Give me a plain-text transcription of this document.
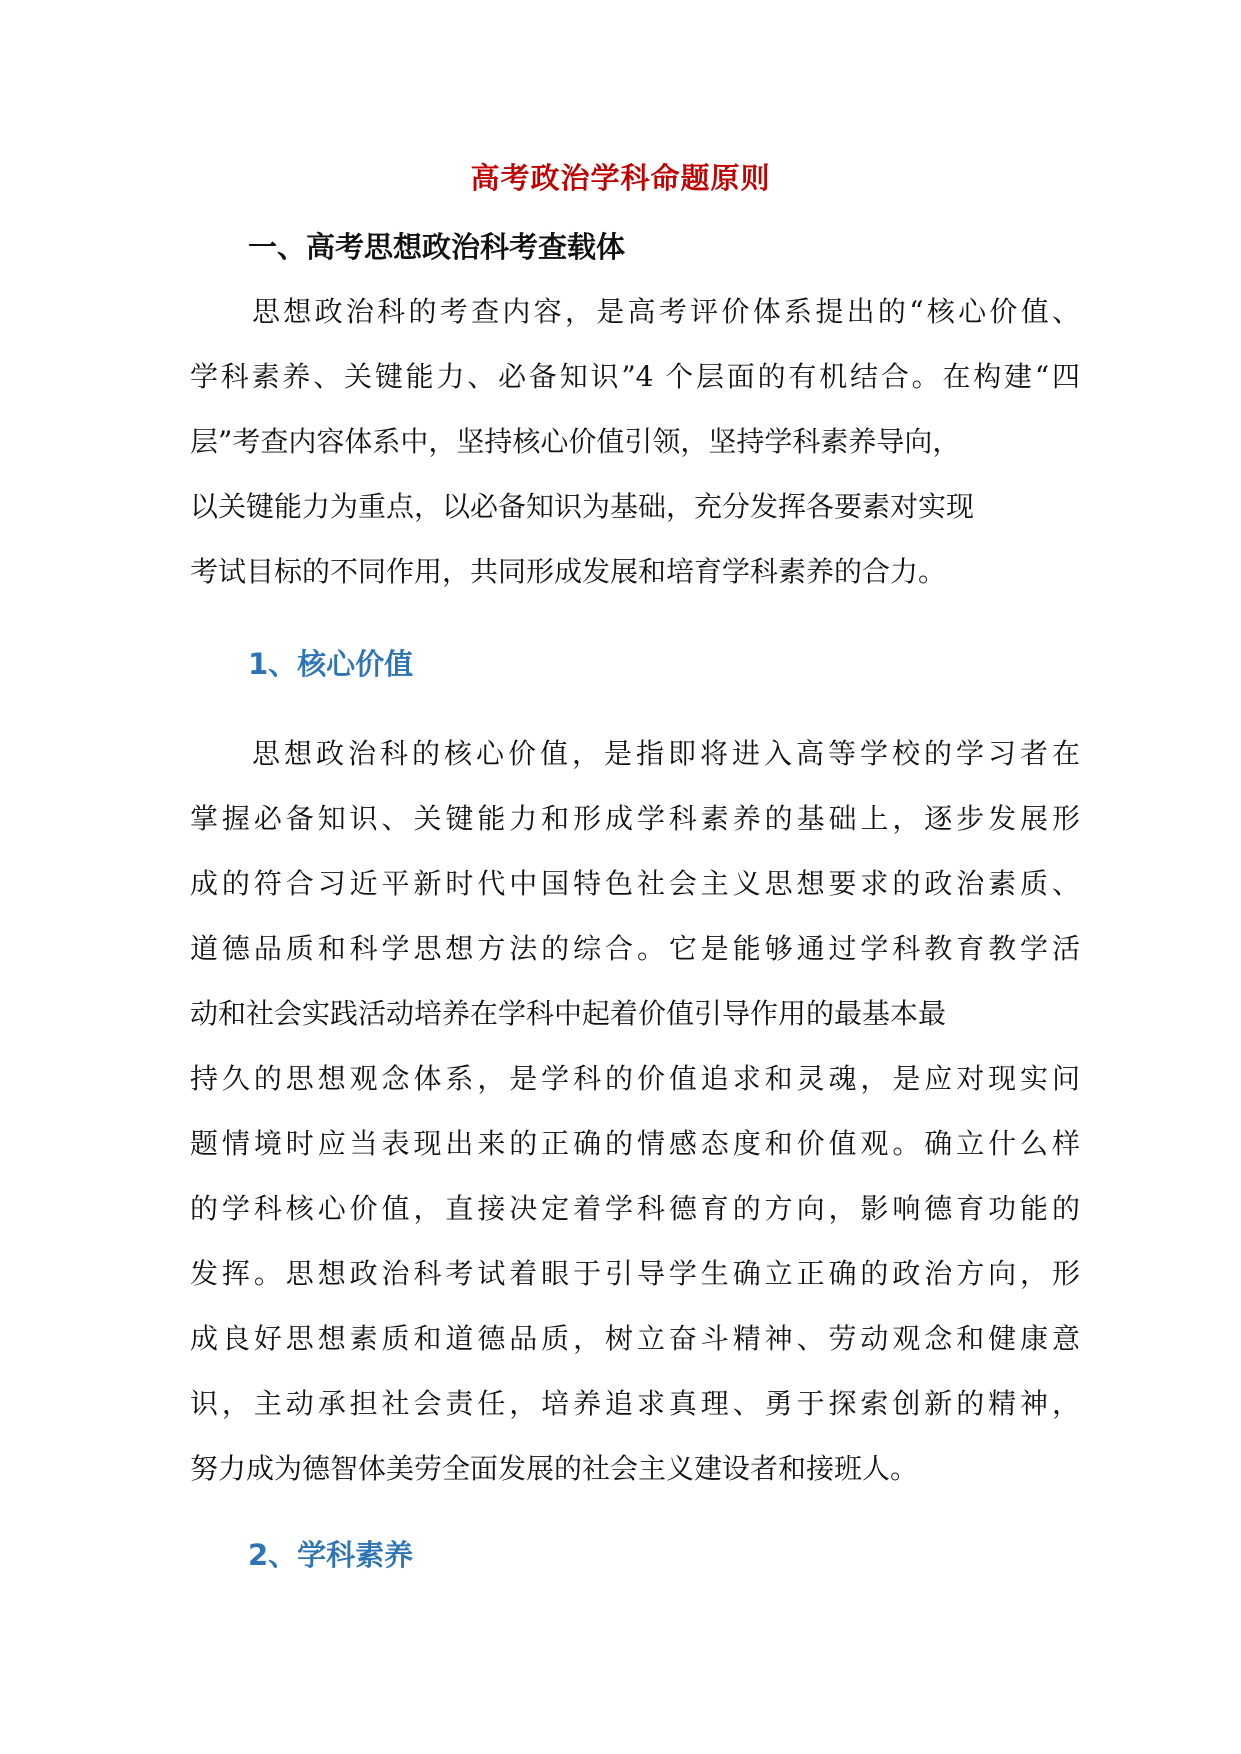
高考政治学科命题原则
一、高考思想政治科考查载体
思想政治科的考查内容，是高考评价体系提出的“核心价值、
学科素养、关键能力、必备知识”4 个层面的有机结合。在构建“四
层”考查内容体系中，坚持核心价值引领，坚持学科素养导向，
以关键能力为重点，以必备知识为基础，充分发挥各要素对实现
考试目标的不同作用，共同形成发展和培育学科素养的合力。
1、核心价值
思想政治科的核心价值，是指即将进入高等学校的学习者在
掌握必备知识、关键能力和形成学科素养的基础上，逐步发展形
成的符合习近平新时代中国特色社会主义思想要求的政治素质、
道德品质和科学思想方法的综合。它是能够通过学科教育教学活
动和社会实践活动培养在学科中起着价值引导作用的最基本最
持久的思想观念体系，是学科的价值追求和灵魂，是应对现实问
题情境时应当表现出来的正确的情感态度和价值观。确立什么样
的学科核心价值，直接决定着学科德育的方向，影响德育功能的
发挥。思想政治科考试着眼于引导学生确立正确的政治方向，形
成良好思想素质和道德品质，树立奋斗精神、劳动观念和健康意
识，主动承担社会责任，培养追求真理、勇于探索创新的精神，
努力成为德智体美劳全面发展的社会主义建设者和接班人。
2、学科素养
